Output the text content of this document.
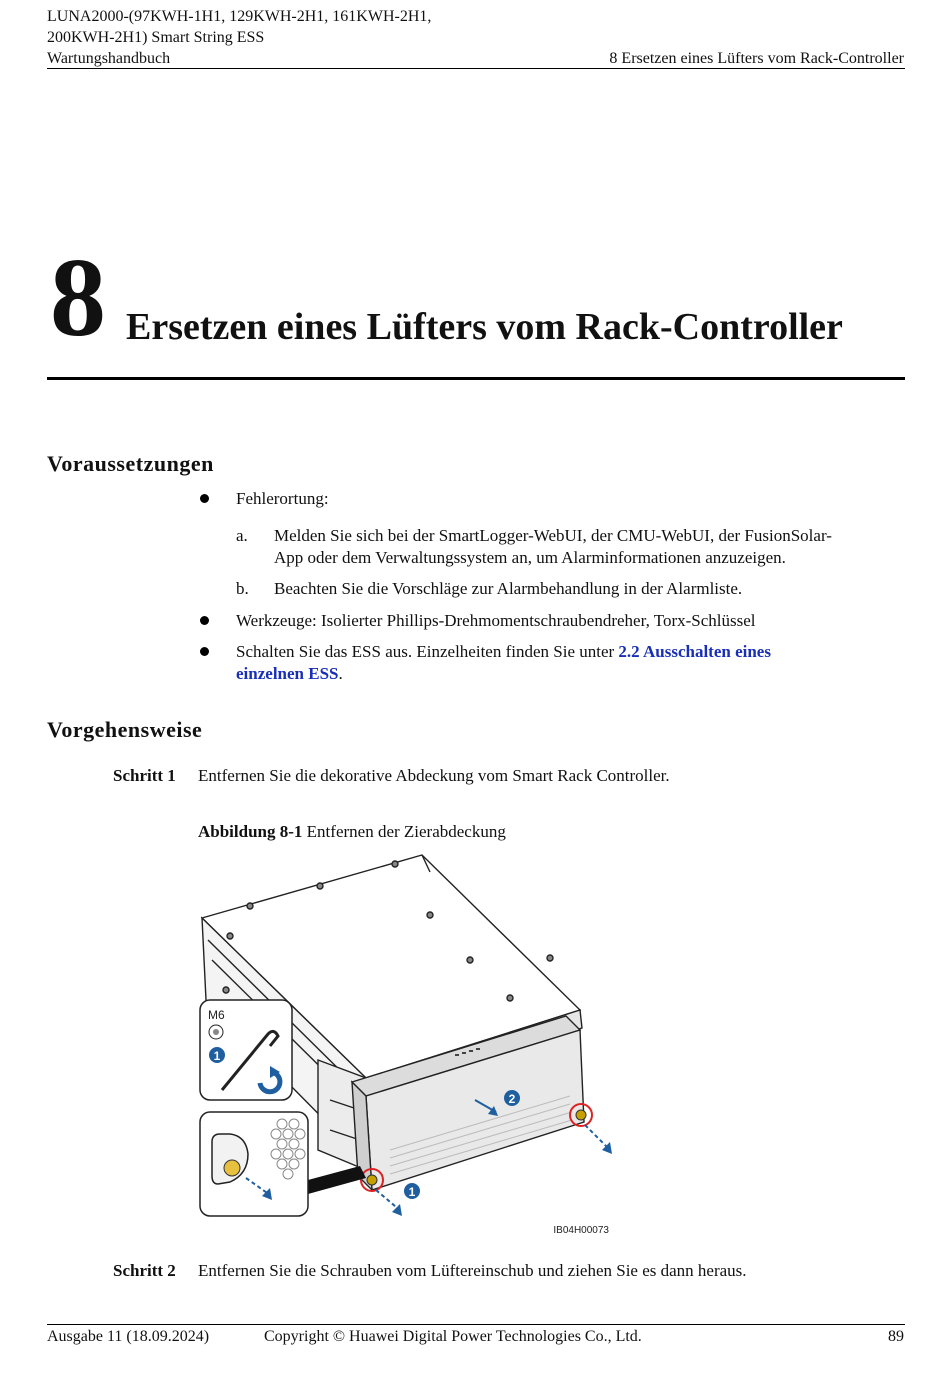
LUNA2000-(97KWH-1H1, 129KWH-2H1, 161KWH-2H1,
200KWH-2H1) Smart String ESS
Wartungshandbuch	8 Ersetzen eines Lüfters vom Rack-Controller
8 Ersetzen eines Lüfters vom Rack-Controller
Voraussetzungen
Fehlerortung:
a. Melden Sie sich bei der SmartLogger-WebUI, der CMU-WebUI, der FusionSolar-
App oder dem Verwaltungssystem an, um Alarminformationen anzuzeigen.
b. Beachten Sie die Vorschläge zur Alarmbehandlung in der Alarmliste.
Werkzeuge: Isolierter Phillips-Drehmomentschraubendreher, Torx-Schlüssel
Schalten Sie das ESS aus. Einzelheiten finden Sie unter 2.2 Ausschalten eines
einzelnen ESS.
Vorgehensweise
Schritt 1 Entfernen Sie die dekorative Abdeckung vom Smart Rack Controller.
Abbildung 8-1 Entfernen der Zierabdeckung
1
2
M6
1
IB04H00073
Schritt 2 Entfernen Sie die Schrauben vom Lüftereinschub und ziehen Sie es dann heraus.
Ausgabe 11 (18.09.2024)	Copyright © Huawei Digital Power Technologies Co., Ltd.	89
